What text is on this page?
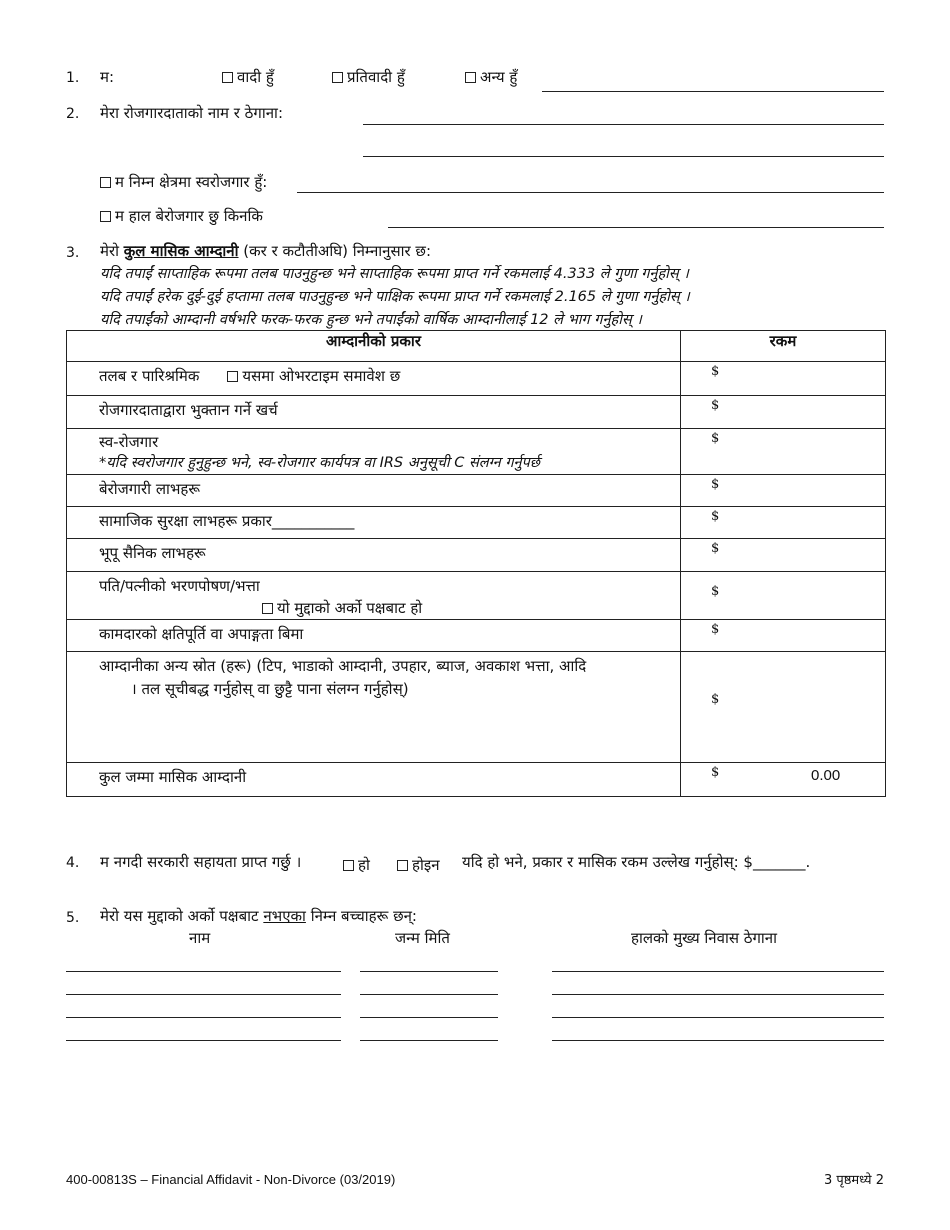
1. म:	वादी हुँ	प्रतिवादी हुँ	अन्य हुँ
2. मेरा रोजगारदाताको नाम र ठेगाना:
म निम्न क्षेत्रमा स्वरोजगार हुँ:
म हाल बेरोजगार छु किनकि
3. मेरो कुल मासिक आम्दानी (कर र कटौतीअघि) निम्नानुसार छ:
यदि तपाईं साप्ताहिक रूपमा तलब पाउनुहुन्छ भने साप्ताहिक रूपमा प्राप्त गर्ने रकमलाई 4.333 ले गुणा गर्नुहोस् ।
यदि तपाईं हरेक दुई-दुई हप्तामा तलब पाउनुहुन्छ भने पाक्षिक रूपमा प्राप्त गर्ने रकमलाई 2.165 ले गुणा गर्नुहोस् ।
यदि तपाईंको आम्दानी वर्षभरि फरक-फरक हुन्छ भने तपाईंको वार्षिक आम्दानीलाई 12 ले भाग गर्नुहोस् ।
आम्दानीको प्रकार	रकम

तलब र पारिश्रमिक यसमा ओभरटाइम समावेश छ	$

रोजगारदाताद्वारा भुक्तान गर्ने खर्च	$

स्व-रोजगार
*यदि स्वरोजगार हुनुहुन्छ भने, स्व-रोजगार कार्यपत्र वा IRS अनुसूची C संलग्न गर्नुपर्छ	$

बेरोजगारी लाभहरू	$

सामाजिक सुरक्षा लाभहरू प्रकार___________	$

भूपू सैनिक लाभहरू	$

पति/पत्नीको भरणपोषण/भत्ता
यो मुद्दाको अर्को पक्षबाट हो	$

कामदारको क्षतिपूर्ति वा अपाङ्गता बिमा	$

आम्दानीका अन्य स्रोत (हरू) (टिप, भाडाको आम्दानी, उपहार, ब्याज, अवकाश भत्ता, आदि
। तल सूचीबद्ध गर्नुहोस् वा छुट्टै पाना संलग्न गर्नुहोस्)	$

कुल जम्मा मासिक आम्दानी	$ 0.00
4. म नगदी सरकारी सहायता प्राप्त गर्छु ।	हो	होइन यदि हो भने, प्रकार र मासिक रकम उल्लेख गर्नुहोस्: $_______.
5. मेरो यस मुद्दाको अर्को पक्षबाट नभएका निम्न बच्चाहरू छन्:
नाम	जन्म मिति	हालको मुख्य निवास ठेगाना
400-00813S – Financial Affidavit - Non-Divorce (03/2019)	3 पृष्ठमध्ये 2
